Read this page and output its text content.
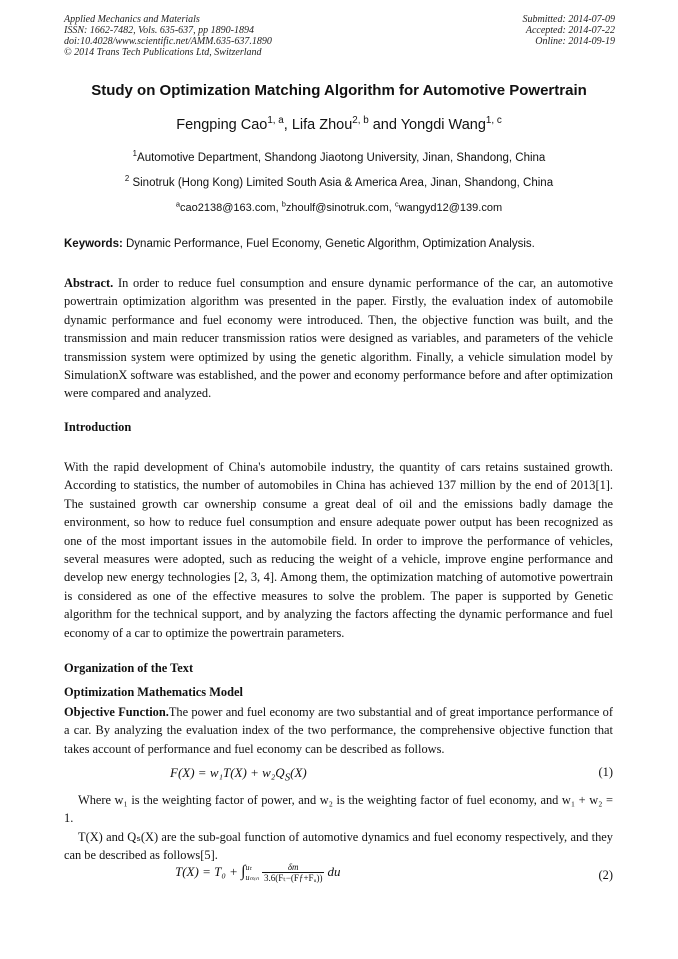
Applied Mechanics and Materials
ISSN: 1662-7482, Vols. 635-637, pp 1890-1894
doi:10.4028/www.scientific.net/AMM.635-637.1890
© 2014 Trans Tech Publications Ltd, Switzerland
Submitted: 2014-07-09
Accepted: 2014-07-22
Online: 2014-09-19
Study on Optimization Matching Algorithm for Automotive Powertrain
Fengping Cao$^{1, a}$, Lifa Zhou$^{2, b}$ and Yongdi Wang$^{1, c}$
$^1$Automotive Department, Shandong Jiaotong University, Jinan, Shandong, China
$^2$ Sinotruk (Hong Kong) Limited South Asia & America Area, Jinan, Shandong, China
$^a$cao2138@163.com, $^b$zhoulf@sinotruk.com, $^c$wangyd12@139.com
Keywords: Dynamic Performance, Fuel Economy, Genetic Algorithm, Optimization Analysis.
Abstract. In order to reduce fuel consumption and ensure dynamic performance of the car, an automotive powertrain optimization algorithm was presented in the paper. Firstly, the evaluation index of automobile dynamic performance and fuel economy were introduced. Then, the objective function was built, and the transmission and main reducer transmission ratios were designed as variables, and parameters of the vehicle transmission system were optimized by using the genetic algorithm. Finally, a vehicle simulation model by SimulationX software was established, and the power and economy performance before and after optimization were compared and analyzed.
Introduction
With the rapid development of China's automobile industry, the quantity of cars retains sustained growth. According to statistics, the number of automobiles in China has achieved 137 million by the end of 2013[1]. The sustained growth car ownership consume a great deal of oil and the emissions badly damage the environment, so how to reduce fuel consumption and ensure adequate power output has been recognized as one of the most important issues in the automobile field. In order to improve the performance of vehicles, several measures were adopted, such as reducing the weight of a vehicle, improve engine performance and develop new energy technologies [2, 3, 4]. Among them, the optimization matching of automotive powertrain is considered as one of the effective measures to solve the problem. The paper is supported by Genetic algorithm for the technical support, and by analyzing the factors affecting the dynamic performance and fuel economy of a car to optimize the powertrain parameters.
Organization of the Text
Optimization Mathematics Model
Objective Function.The power and fuel economy are two substantial and of great importance performance of a car. By analyzing the evaluation index of the two performance, the comprehensive objective function that takes account of performance and fuel economy can be described as follows.
$F(X) = w_1T(X) + w_2Q_S(X)$	(1)
Where w₁ is the weighting factor of power, and w₂ is the weighting factor of fuel economy, and w₁ + w₂ = 1.
T(X) and Qₛ(X) are the sub-goal function of automotive dynamics and fuel economy respectively, and they can be described as follows[5].
T(X) = T₀ + ∫uₜ
uₘᵢₙ $\frac{\delta m}{\text{3.6(Fₜ−(Fƒ+Fᵤ))}}$ du	(2)
